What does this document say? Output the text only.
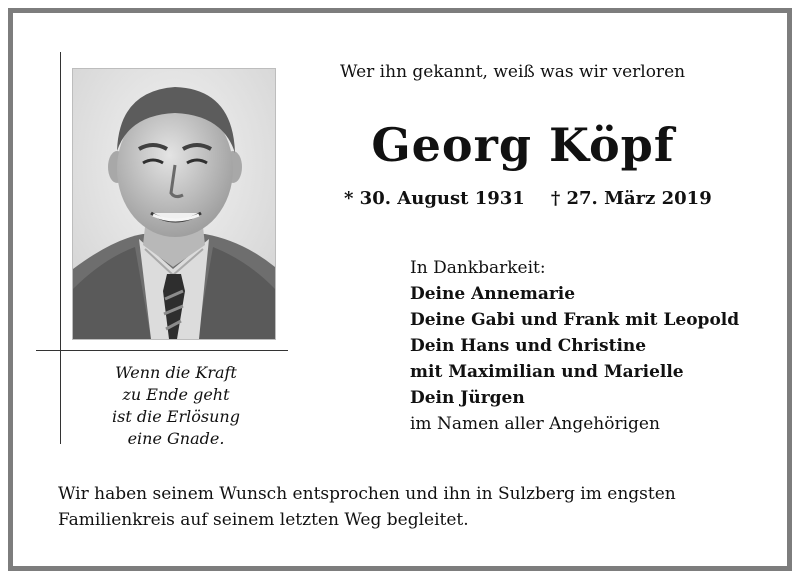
Wenn die Kraft
zu Ende geht
ist die Erlösung
eine Gnade.
Wer ihn gekannt, weiß was wir verloren
Georg Köpf
* 30. August 1931 † 27. März 2019
In Dankbarkeit:
Deine Annemarie
Deine Gabi und Frank mit Leopold
Dein Hans und Christine
mit Maximilian und Marielle
Dein Jürgen
im Namen aller Angehörigen
Wir haben seinem Wunsch entsprochen und ihn in Sulzberg im engsten
Familienkreis auf seinem letzten Weg begleitet.
